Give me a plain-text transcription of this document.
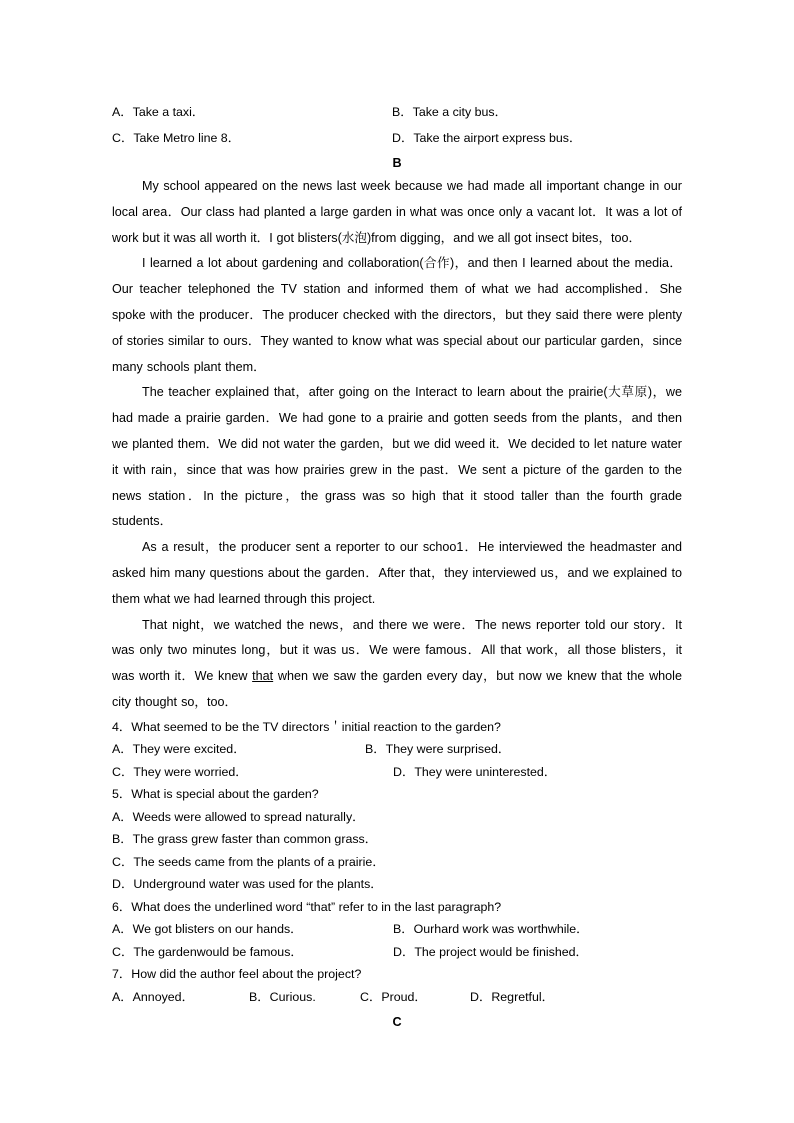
A．Take a taxi．	B．Take a city bus．
C．Take Metro line 8．	D．Take the airport express bus．
B

My school appeared on the news last week because we had made all important change in our local area．Our class had planted a large garden in what was once only a vacant lot．It was a lot of work but it was all worth it．I got blisters(水泡)from digging，and we all got insect bites，too．

I learned a lot about gardening and collaboration(合作)，and then I learned about the media．Our teacher telephoned the TV station and informed them of what we had accomplished．She spoke with the producer．The producer checked with the directors，but they said there were plenty of stories similar to ours．They wanted to know what was special about our particular garden，since many schools plant them．

The teacher explained that，after going on the Interact to learn about the prairie(大草原)，we had made a prairie garden．We had gone to a prairie and gotten seeds from the plants，and then we planted them．We did not water the garden，but we did weed it．We decided to let nature water it with rain，since that was how prairies grew in the past．We sent a picture of the garden to the news station．In the picture，the grass was so high that it stood taller than the fourth grade students．

As a result，the producer sent a reporter to our schoo1．He interviewed the headmaster and asked him many questions about the garden．After that，they interviewed us，and we explained to them what we had learned through this project.

That night，we watched the news，and there we were．The news reporter told our story．It was only two minutes long，but it was us．We were famous．All that work，all those blisters，it was worth it．We knew that when we saw the garden every day，but now we knew that the whole city thought so，too．

4．What seemed to be the TV directors＇initial reaction to the garden?
A．They were excited．	B．They were surprised．
C．They were worried．	D．They were uninterested．
5．What is special about the garden?
A．Weeds were allowed to spread naturally．
B．The grass grew faster than common grass．
C．The seeds came from the plants of a prairie．
D．Underground water was used for the plants．
6．What does the underlined word “that” refer to in the last paragraph?
A．We got blisters on our hands．	B．Ourhard work was worthwhile．
C．The gardenwould be famous．	D．The project would be finished．
7．How did the author feel about the project?
A．Annoyed．	B．Curious.	C．Proud．	D．Regretful．
C
